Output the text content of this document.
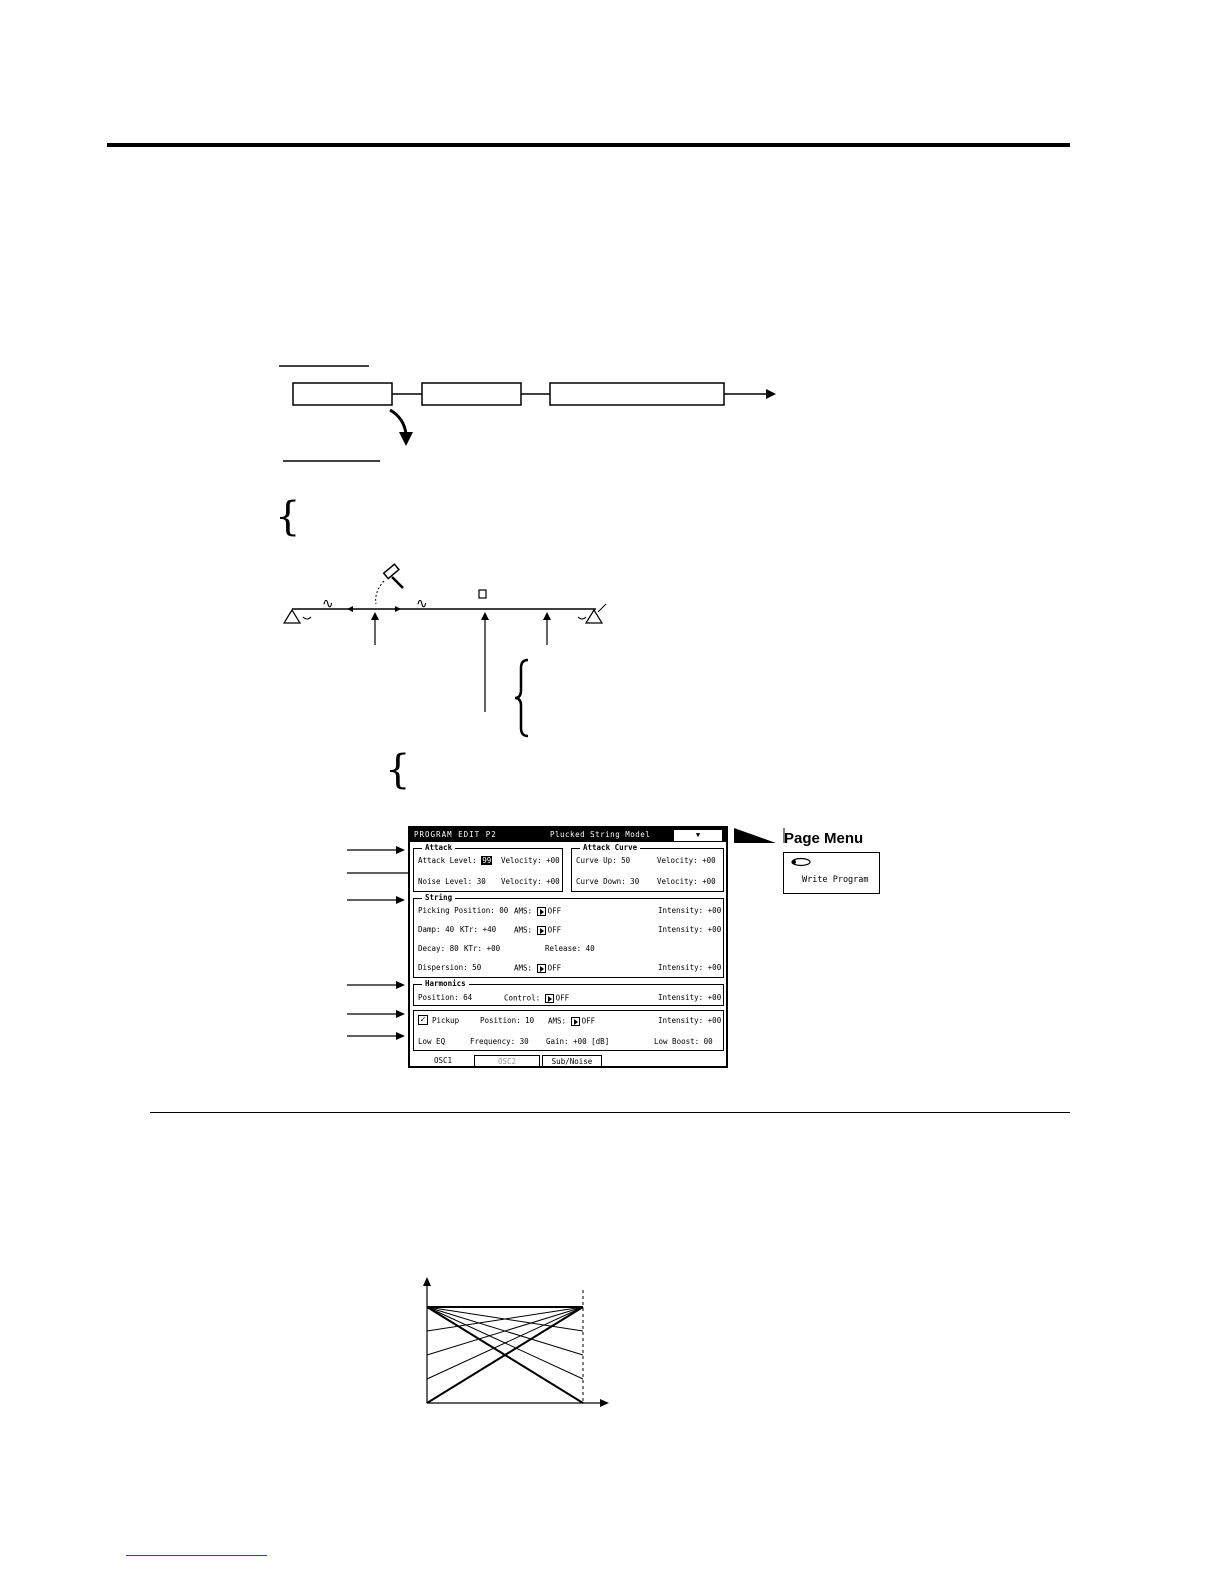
{
∿	∿
{
PROGRAM EDIT P2	Plucked String Model	▼
Attack
Attack Level: 99 Velocity: +00
Noise Level: 30 Velocity: +00
Attack Curve
Curve Up: 50	Velocity: +00
Curve Down: 30 Velocity: +00
String
Picking Position: 00 AMS: OFF	Intensity: +00
Damp: 40 KTr: +40 AMS: OFF	Intensity: +00
Decay: 80 KTr: +00	Release: 40
Dispersion: 50	AMS: OFF	Intensity: +00
Harmonics
Position: 64	Control: OFF	Intensity: +00
✓ Pickup	Position: 10 AMS: OFF	Intensity: +00
Low EQ	Frequency: 30 Gain: +00 [dB]	Low Boost: 00
OSC1	OSC2	Sub/Noise
Page Menu
Write Program
